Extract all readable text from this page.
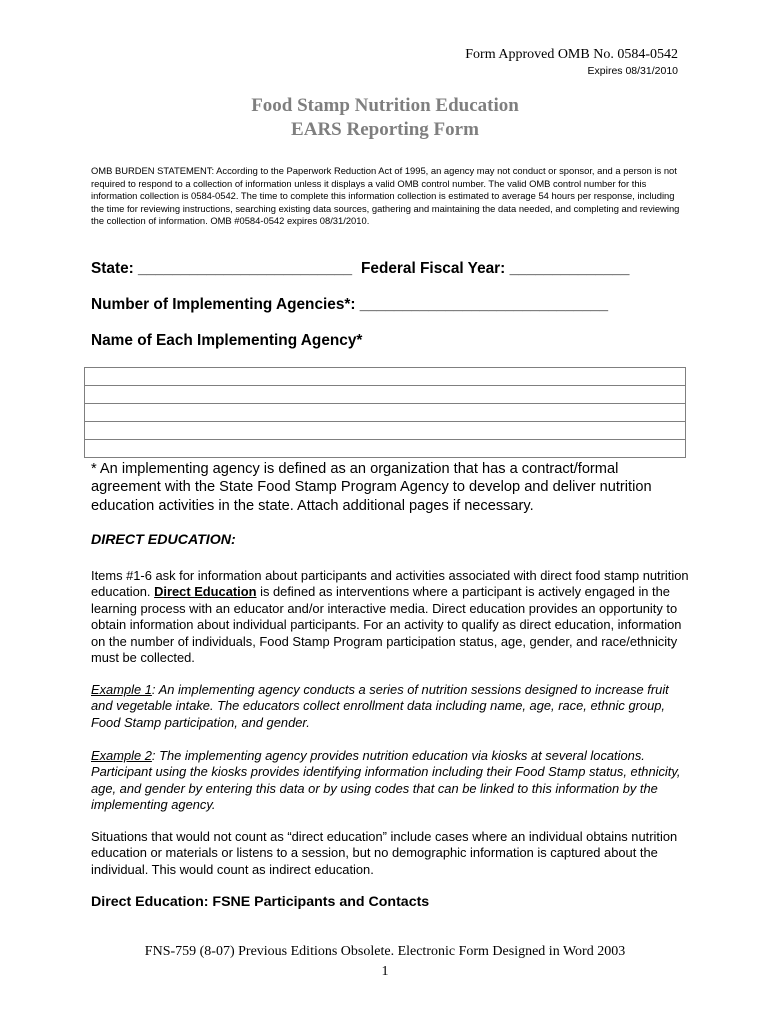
Form Approved OMB No. 0584-0542
Expires 08/31/2010
Food Stamp Nutrition Education
EARS Reporting Form
OMB BURDEN STATEMENT: According to the Paperwork Reduction Act of 1995, an agency may not conduct or sponsor, and a person is not required to respond to a collection of information unless it displays a valid OMB control number. The valid OMB control number for this information collection is 0584-0542. The time to complete this information collection is estimated to average 54 hours per response, including the time for reviewing instructions, searching existing data sources, gathering and maintaining the data needed, and completing and reviewing the collection of information. OMB #0584-0542 expires 08/31/2010.
State: _________________________ Federal Fiscal Year: ______________
Number of Implementing Agencies*: _____________________________
Name of Each Implementing Agency*

* An implementing agency is defined as an organization that has a contract/formal agreement with the State Food Stamp Program Agency to develop and deliver nutrition education activities in the state. Attach additional pages if necessary.
DIRECT EDUCATION:
Items #1-6 ask for information about participants and activities associated with direct food stamp nutrition education. Direct Education is defined as interventions where a participant is actively engaged in the learning process with an educator and/or interactive media. Direct education provides an opportunity to obtain information about individual participants. For an activity to qualify as direct education, information on the number of individuals, Food Stamp Program participation status, age, gender, and race/ethnicity must be collected.
Example 1: An implementing agency conducts a series of nutrition sessions designed to increase fruit and vegetable intake. The educators collect enrollment data including name, age, race, ethnic group, Food Stamp participation, and gender.
Example 2: The implementing agency provides nutrition education via kiosks at several locations. Participant using the kiosks provides identifying information including their Food Stamp status, ethnicity, age, and gender by entering this data or by using codes that can be linked to this information by the implementing agency.
Situations that would not count as “direct education” include cases where an individual obtains nutrition education or materials or listens to a session, but no demographic information is captured about the individual. This would count as indirect education.
Direct Education: FSNE Participants and Contacts
FNS-759 (8-07) Previous Editions Obsolete. Electronic Form Designed in Word 2003
1
